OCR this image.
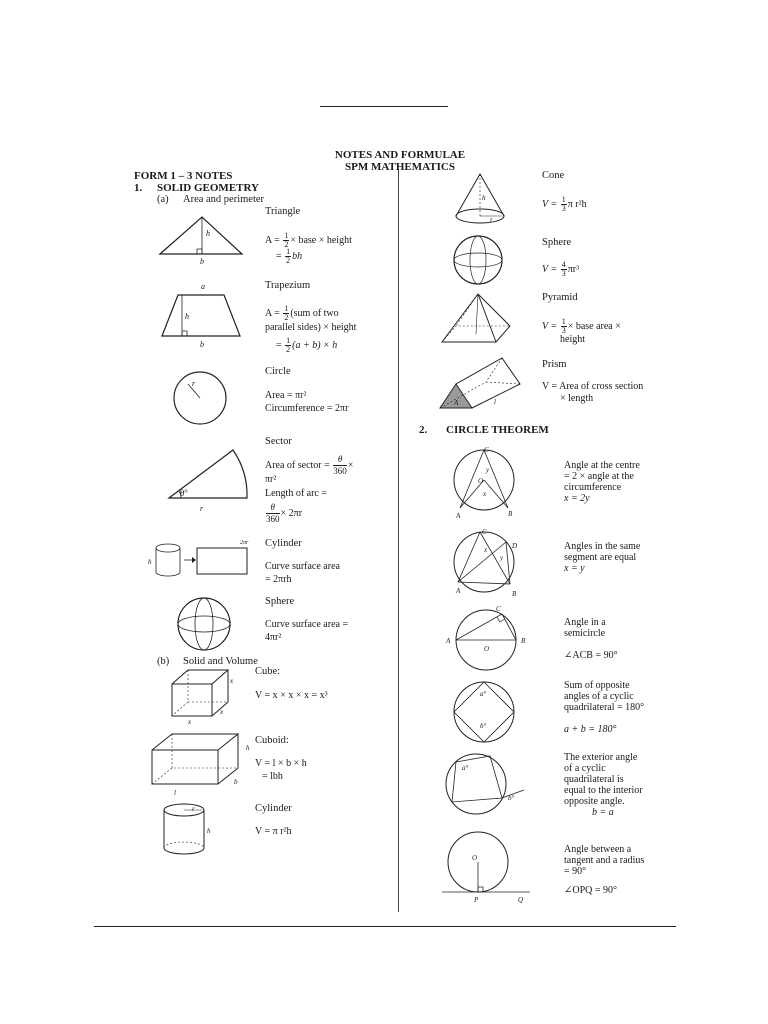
NOTES AND FORMULAE
SPM MATHEMATICS
FORM 1 – 3 NOTES
1. SOLID GEOMETRY
(a) Area and perimeter
h
b
Triangle
$A = \frac{1}{2}$ × base × height
= $\frac{1}{2}$ bh
a
h
b
Trapezium
$A = \frac{1}{2} (sum$ of two
parallel sides) × height
= $\frac{1}{2} (a + b) \times h$
r
Circle
Area = πr²
Circumference = 2πr
θ°
r
Sector
Area of sector = $\frac{\theta}{360}$ ×
πr²
Length of arc =
$\frac{\theta}{360} \times 2\pi r$
h
2πr Cylinder
Curve surface area
= 2πrh
Sphere
Curve surface area =
4πr²
(b) Solid and Volume
x
x
x
Cube:
V = x × x × x = x³
h
b
l
Cuboid:
V = l × b × h
= lbh
r
h
Cylinder
V = π r²h
h
r
Cone
$V = \frac{1}{3}$ π r²h
Sphere
$V = \frac{4}{3} \pi r^3$
Pyramid
$V = \frac{1}{3}$ × base area ×
height
A	l
Prism
V = Area of cross section
× length
2. CIRCLE THEOREM
C
y
O
x
A	B
Angle at the centre
= 2 × angle at the
circumference
x = 2y
C
D
x
y
A	B
Angles in the same
segment are equal
x = y
C
A	B
O
Angle in a
semicircle
∠ACB = 90°
a°
b°
Sum of opposite
angles of a cyclic
quadrilateral = 180°
a + b = 180°
a°
b°
The exterior angle
of a cyclic
quadrilateral is
equal to the interior
opposite angle.
b = a
O
P	Q
Angle between a
tangent and a radius
= 90°
∠OPQ = 90°
